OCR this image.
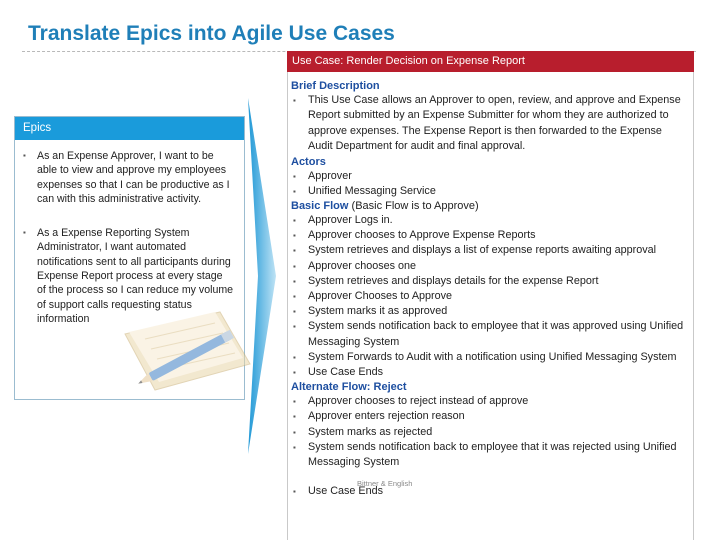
Translate Epics into Agile Use Cases
Epics
▪ As an Expense Approver, I want to be able to view and approve my employees expenses so that I can be productive as I can with this administrative activity.
▪ As a Expense Reporting System Administrator, I want automated notifications sent to all participants during Expense Report process at every stage of the process so I can reduce my volume of support calls requesting status information
Use Case: Render Decision on Expense Report
Brief Description
▪ This Use Case allows an Approver to open, review, and approve and Expense Report submitted by an Expense Submitter for whom they are authorized to approve expenses. The Expense Report is then forwarded to the Expense Audit Department for audit and final approval.
Actors
▪ Approver
▪ Unified Messaging Service
Basic Flow (Basic Flow is to Approve)
▪ Approver Logs in.
▪ Approver chooses to Approve Expense Reports
▪ System retrieves and displays a list of expense reports awaiting approval
▪ Approver chooses one
▪ System retrieves and displays details for the expense Report
▪ Approver Chooses to Approve
▪ System marks it as approved
▪ System sends notification back to employee that it was approved using Unified Messaging System
▪ System Forwards to Audit with a notification using Unified Messaging System
▪ Use Case Ends
Alternate Flow: Reject
▪ Approver chooses to reject instead of approve
▪ Approver enters rejection reason
▪ System marks as rejected
▪ System sends notification back to employee that it was rejected using Unified Messaging System
Bittner & English
▪ Use Case Ends
